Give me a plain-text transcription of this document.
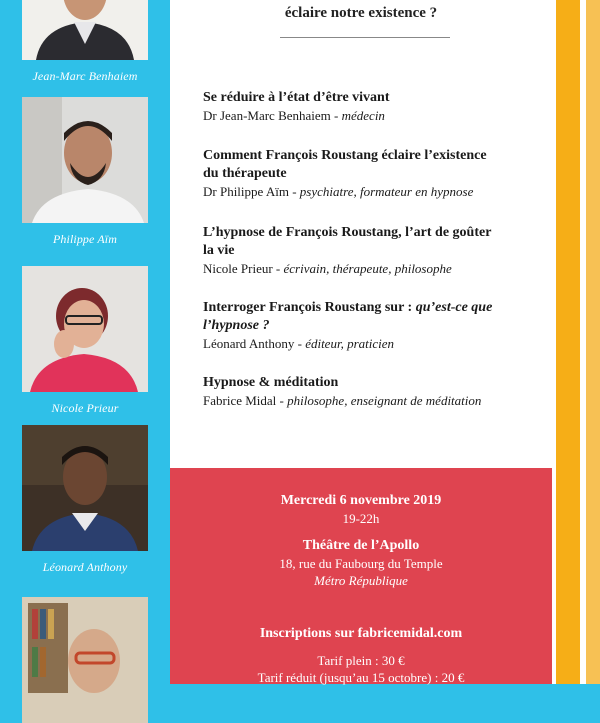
Jean-Marc Benhaiem
Philippe Aïm
Nicole Prieur
Léonard Anthony
éclaire notre existence ?
Se réduire à l’état d’être vivant
Dr Jean-Marc Benhaiem - médecin
Comment François Roustang éclaire l’existence
du thérapeute
Dr Philippe Aïm - psychiatre, formateur en hypnose
L’hypnose de François Roustang, l’art de goûter
la vie
Nicole Prieur - écrivain, thérapeute, philosophe
Interroger François Roustang sur : qu’est-ce que
l’hypnose ?
Léonard Anthony - éditeur, praticien
Hypnose & méditation
Fabrice Midal - philosophe, enseignant de méditation
Mercredi 6 novembre 2019
19-22h
Théâtre de l’Apollo
18, rue du Faubourg du Temple
Métro République
Inscriptions sur fabricemidal.com
Tarif plein : 30 €
Tarif réduit (jusqu’au 15 octobre) : 20 €
